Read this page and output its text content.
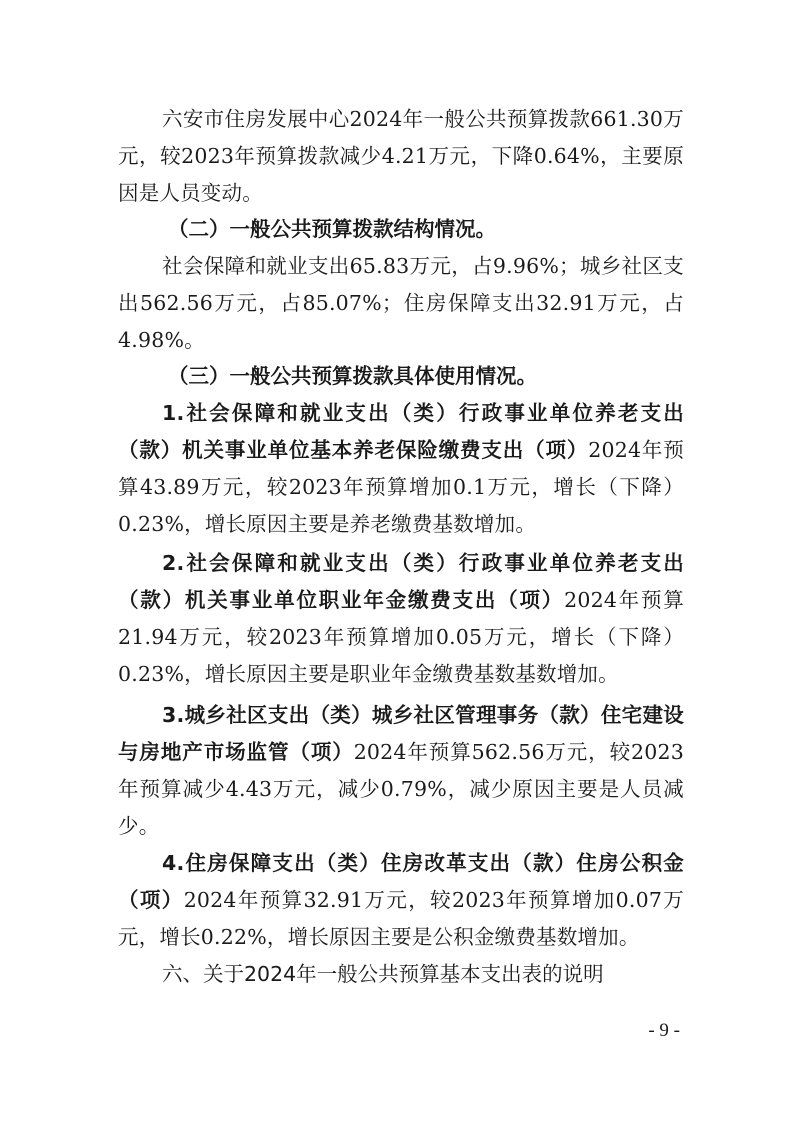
六安市住房发展中心2024年一般公共预算拨款661.30万元，较2023年预算拨款减少4.21万元，下降0.64%，主要原因是人员变动。
（二）一般公共预算拨款结构情况。
社会保障和就业支出65.83万元，占9.96%；城乡社区支出562.56万元，占85.07%；住房保障支出32.91万元，占4.98%。
（三）一般公共预算拨款具体使用情况。
1.社会保障和就业支出（类）行政事业单位养老支出（款）机关事业单位基本养老保险缴费支出（项）2024年预算43.89万元，较2023年预算增加0.1万元，增长（下降）0.23%，增长原因主要是养老缴费基数增加。
2.社会保障和就业支出（类）行政事业单位养老支出（款）机关事业单位职业年金缴费支出（项）2024年预算21.94万元，较2023年预算增加0.05万元，增长（下降）0.23%，增长原因主要是职业年金缴费基数基数增加。
3.城乡社区支出（类）城乡社区管理事务（款）住宅建设与房地产市场监管（项）2024年预算562.56万元，较2023年预算减少4.43万元，减少0.79%，减少原因主要是人员减少。
4.住房保障支出（类）住房改革支出（款）住房公积金（项）2024年预算32.91万元，较2023年预算增加0.07万元，增长0.22%，增长原因主要是公积金缴费基数增加。
六、关于2024年一般公共预算基本支出表的说明
- 9 -
